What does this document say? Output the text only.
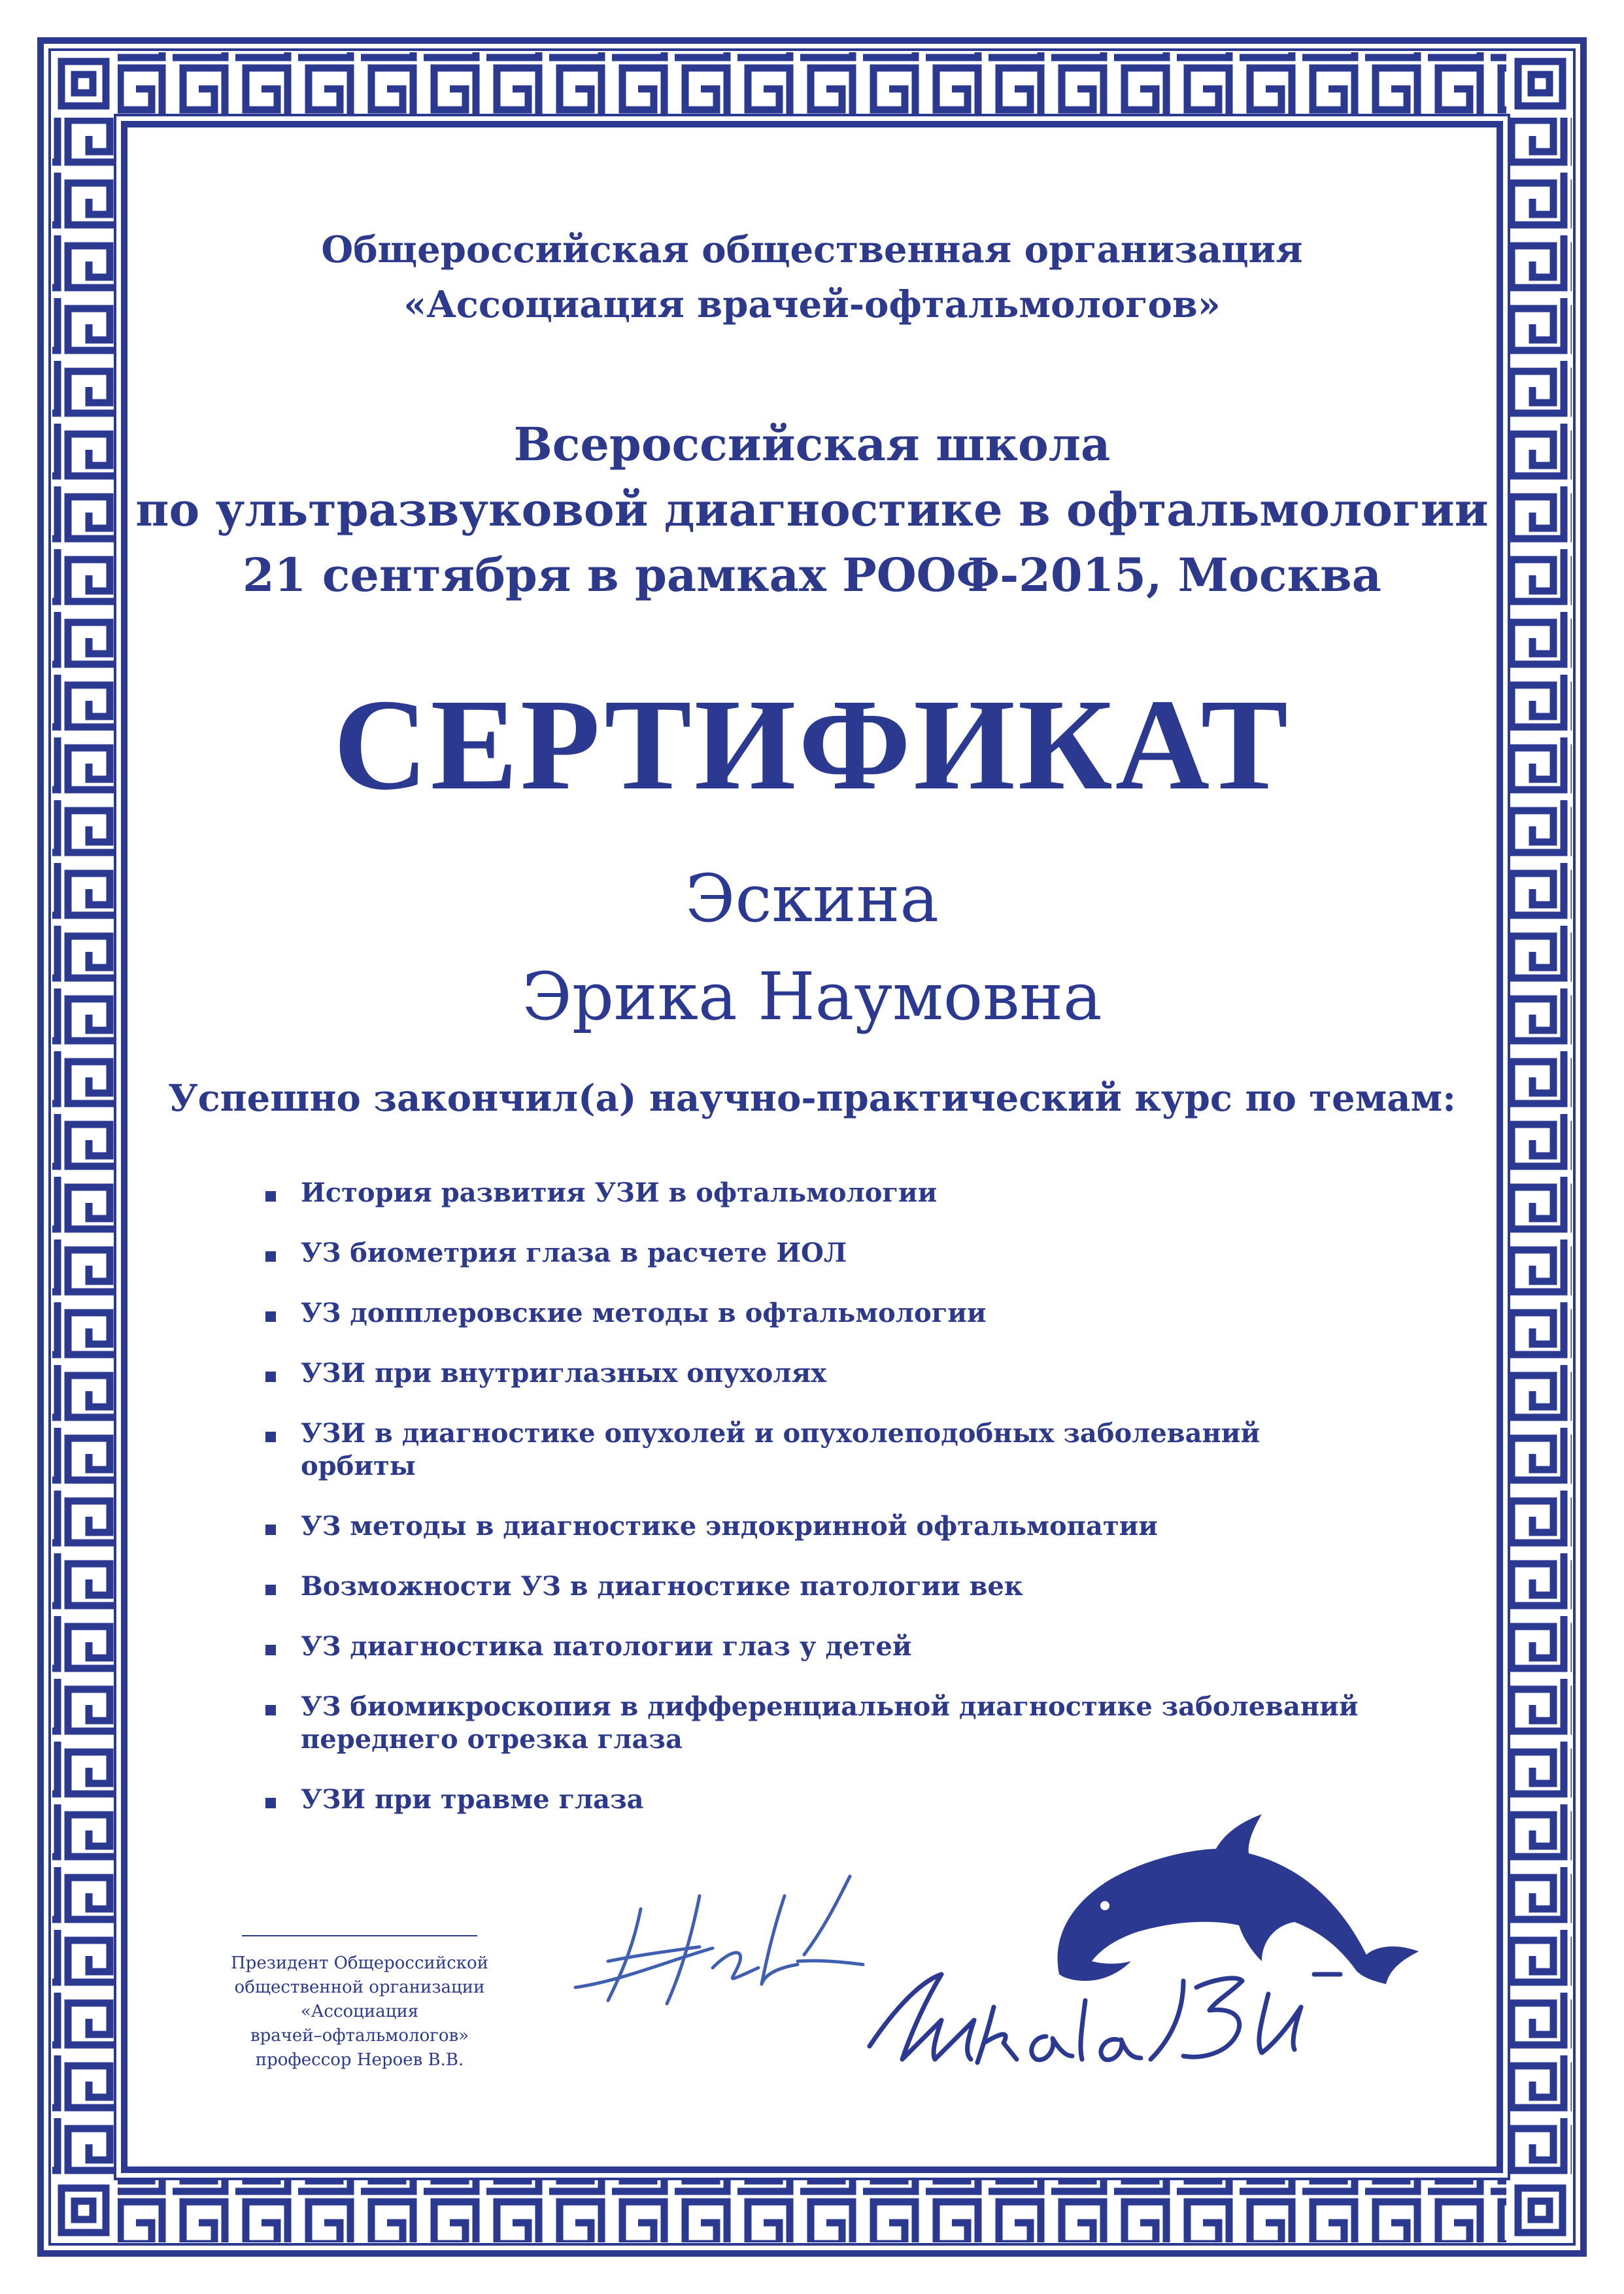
Общероссийская общественная организация
«Ассоциация врачей-офтальмологов»
Всероссийская школа
по ультразвуковой диагностике в офтальмологии
21 сентября в рамках РООФ-2015, Москва
СЕРТИФИКАТ
Эскина
Эрика Наумовна
Успешно закончил(а) научно-практический курс по темам:
История развития УЗИ в офтальмологии
УЗ биометрия глаза в расчете ИОЛ
УЗ допплеровские методы в офтальмологии
УЗИ при внутриглазных опухолях
УЗИ в диагностике опухолей и опухолеподобных заболеваний орбиты
УЗ методы в диагностике эндокринной офтальмопатии
Возможности УЗ в диагностике патологии век
УЗ диагностика патологии глаз у детей
УЗ биомикроскопия в дифференциальной диагностике заболеваний переднего отрезка глаза
УЗИ при травме глаза
Президент Общероссийской
общественной организации
«Ассоциация
врачей–офтальмологов»
профессор Нероев В.В.
Школа УЗИ
